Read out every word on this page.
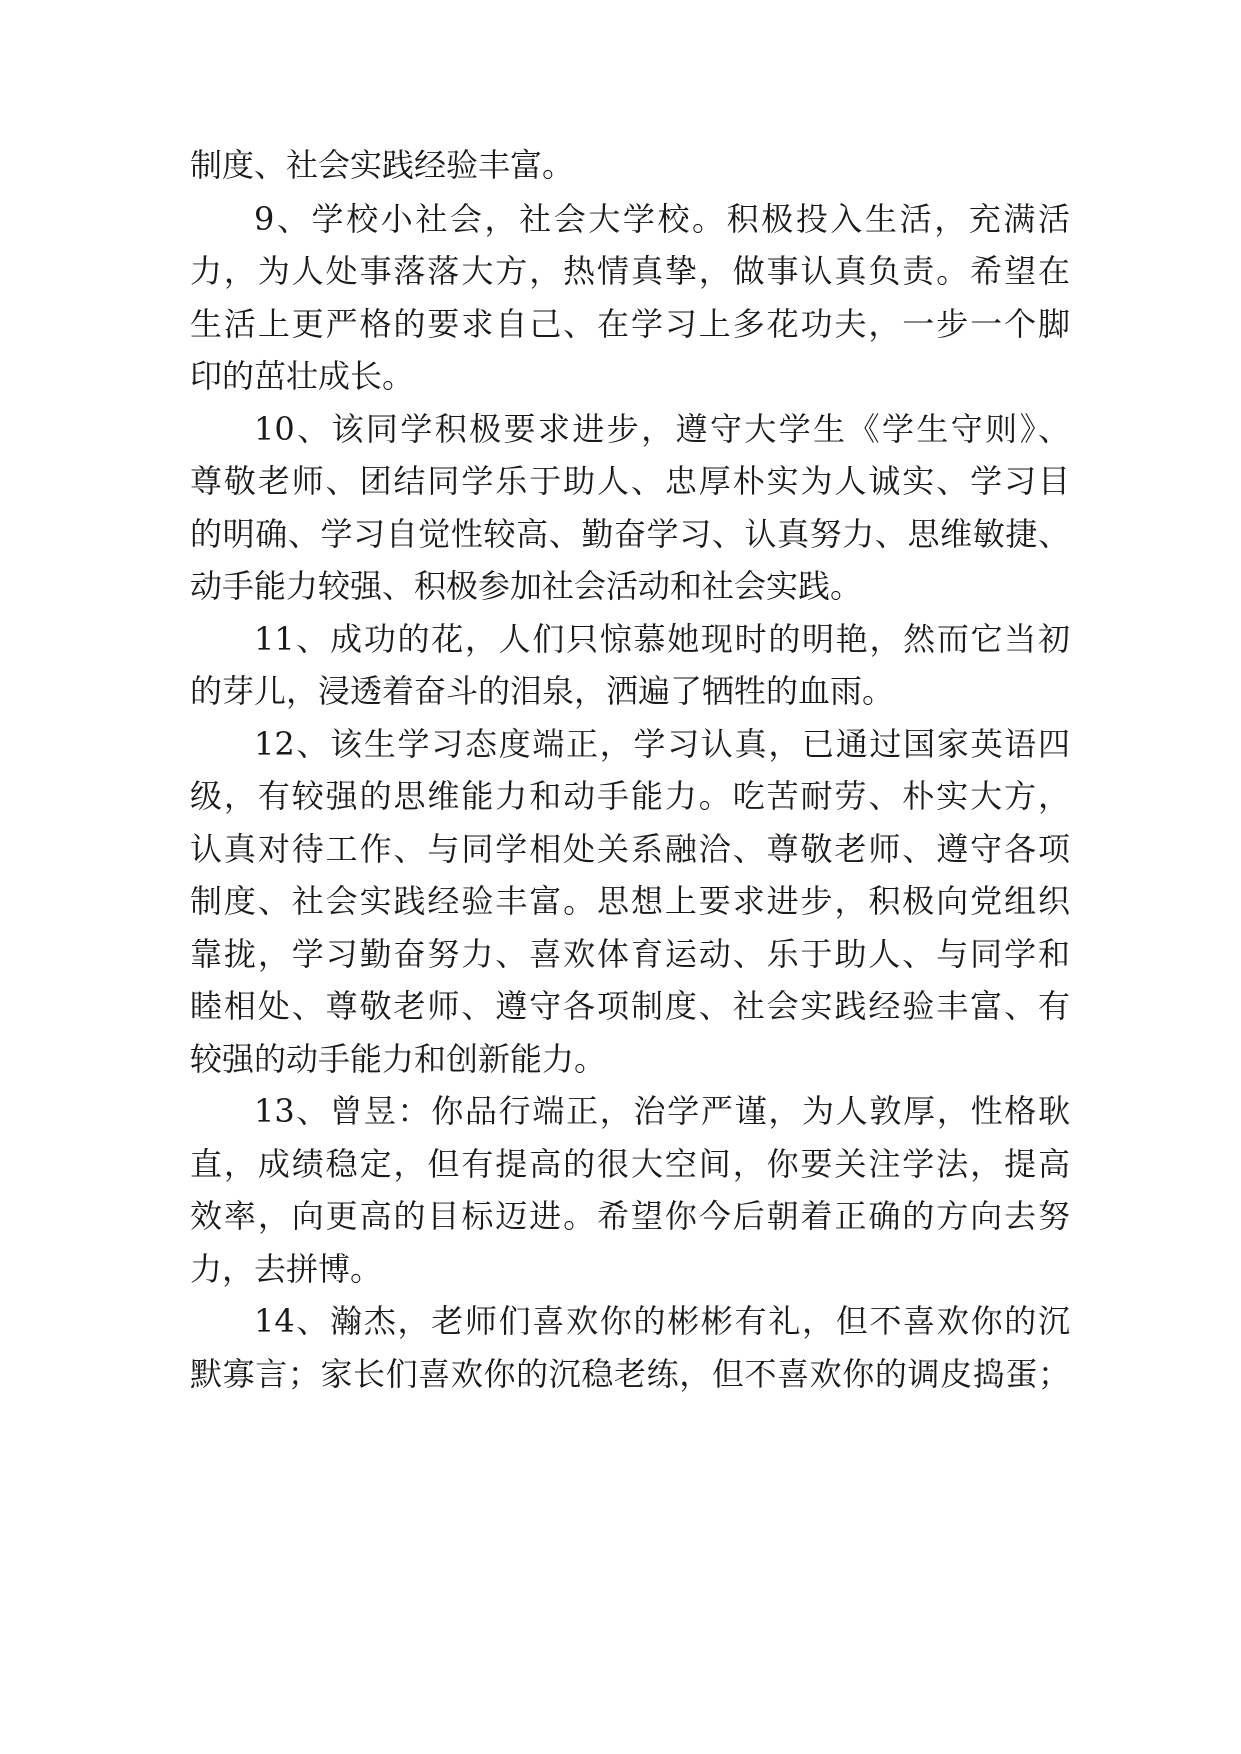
制度、社会实践经验丰富。
9、学校小社会，社会大学校。积极投入生活，充满活
力，为人处事落落大方，热情真挚，做事认真负责。希望在
生活上更严格的要求自己、在学习上多花功夫，一步一个脚
印的茁壮成长。
10、该同学积极要求进步，遵守大学生《学生守则》、
尊敬老师、团结同学乐于助人、忠厚朴实为人诚实、学习目
的明确、学习自觉性较高、勤奋学习、认真努力、思维敏捷、
动手能力较强、积极参加社会活动和社会实践。
11、成功的花，人们只惊慕她现时的明艳，然而它当初
的芽儿，浸透着奋斗的泪泉，洒遍了牺牲的血雨。
12、该生学习态度端正，学习认真，已通过国家英语四
级，有较强的思维能力和动手能力。吃苦耐劳、朴实大方，
认真对待工作、与同学相处关系融洽、尊敬老师、遵守各项
制度、社会实践经验丰富。思想上要求进步，积极向党组织
靠拢，学习勤奋努力、喜欢体育运动、乐于助人、与同学和
睦相处、尊敬老师、遵守各项制度、社会实践经验丰富、有
较强的动手能力和创新能力。
13、曾昱：你品行端正，治学严谨，为人敦厚，性格耿
直，成绩稳定，但有提高的很大空间，你要关注学法，提高
效率，向更高的目标迈进。希望你今后朝着正确的方向去努
力，去拼博。
14、瀚杰，老师们喜欢你的彬彬有礼，但不喜欢你的沉
默寡言；家长们喜欢你的沉稳老练，但不喜欢你的调皮捣蛋；
